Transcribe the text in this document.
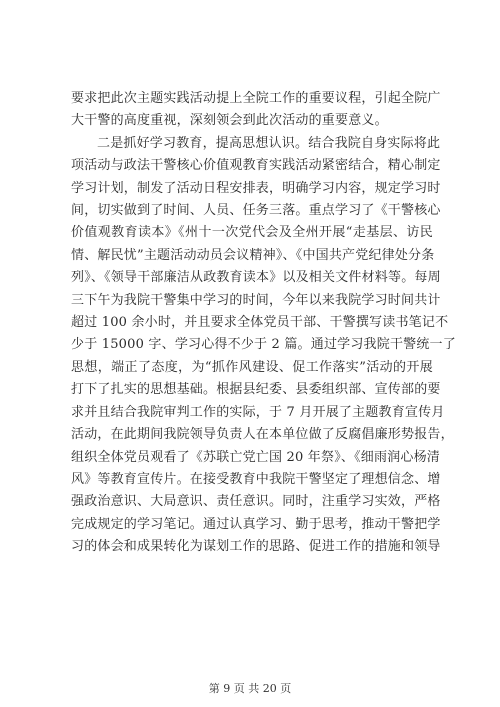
要求把此次主题实践活动提上全院工作的重要议程，引起全院广
大干警的高度重视，深刻领会到此次活动的重要意义。
二是抓好学习教育，提高思想认识。结合我院自身实际将此
项活动与政法干警核心价值观教育实践活动紧密结合，精心制定
学习计划，制发了活动日程安排表，明确学习内容，规定学习时
间，切实做到了时间、人员、任务三落。重点学习了《干警核心
价值观教育读本》《州十一次党代会及全州开展“走基层、访民
情、解民忧”主题活动动员会议精神》、《中国共产党纪律处分条
列》、《领导干部廉洁从政教育读本》以及相关文件材料等。每周
三下午为我院干警集中学习的时间，今年以来我院学习时间共计
超过 100 余小时，并且要求全体党员干部、干警撰写读书笔记不
少于 15000 字、学习心得不少于 2 篇。通过学习我院干警统一了
思想，端正了态度，为“抓作风建设、促工作落实”活动的开展
打下了扎实的思想基础。根据县纪委、县委组织部、宣传部的要
求并且结合我院审判工作的实际，于 7 月开展了主题教育宣传月
活动，在此期间我院领导负责人在本单位做了反腐倡廉形势报告，
组织全体党员观看了《苏联亡党亡国 20 年祭》、《细雨润心杨清
风》等教育宣传片。在接受教育中我院干警坚定了理想信念、增
强政治意识、大局意识、责任意识。同时，注重学习实效，严格
完成规定的学习笔记。通过认真学习、勤于思考，推动干警把学
习的体会和成果转化为谋划工作的思路、促进工作的措施和领导
第 9 页 共 20 页
